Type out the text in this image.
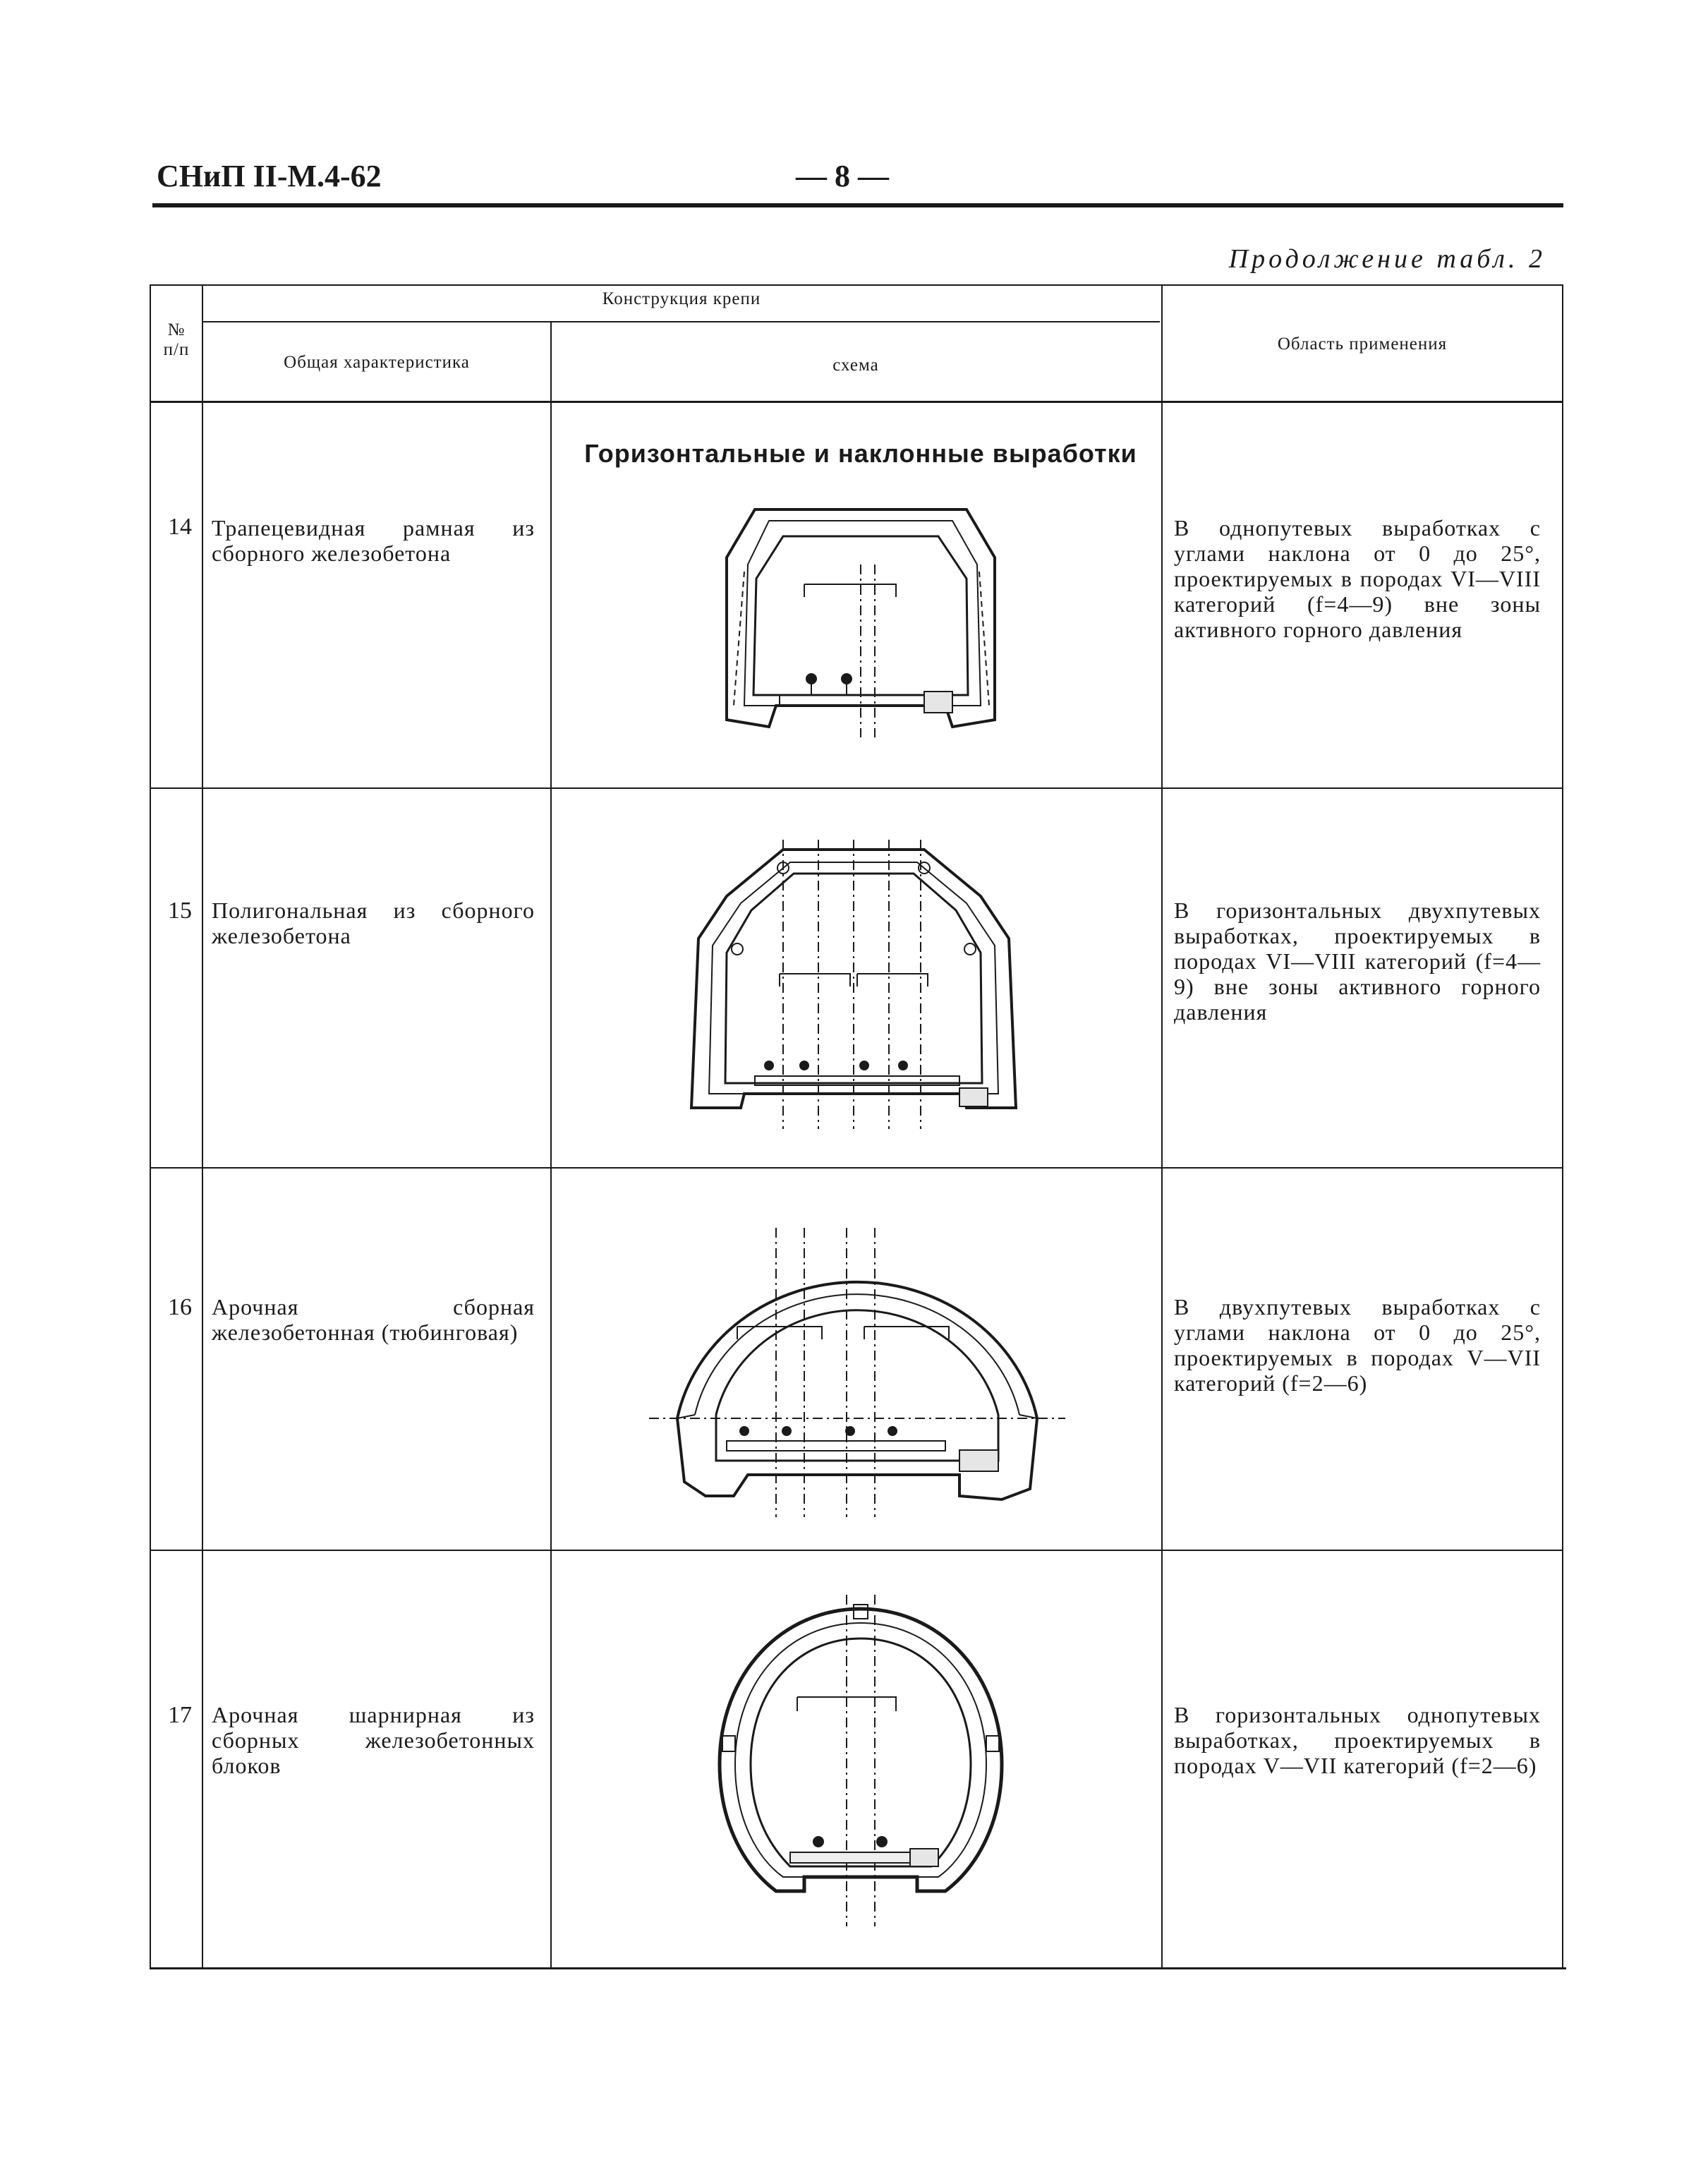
СНиП II-М.4-62	— 8 —
Продолжение табл. 2
№
п/п
Конструкция крепи
Общая характеристика	схема
Область применения
Горизонтальные и наклонные выработки
14 Трапецевидная рамная из сборного железобетона
В однопутевых выработках с углами наклона от 0 до 25°, проектируемых в породах VI—VIII категорий (f=4—9) вне зоны активного горного давления
15 Полигональная из сборного железобетона
В горизонтальных двухпутевых выработках, проектируемых в породах VI—VIII категорий (f=4—9) вне зоны активного горного давления
16 Арочная сборная железобетонная (тюбинговая)
В двухпутевых выработках с углами наклона от 0 до 25°, проектируемых в породах V—VII категорий (f=2—6)
17 Арочная шарнирная из сборных железобетонных блоков
В горизонтальных однопутевых выработках, проектируемых в породах V—VII категорий (f=2—6)
